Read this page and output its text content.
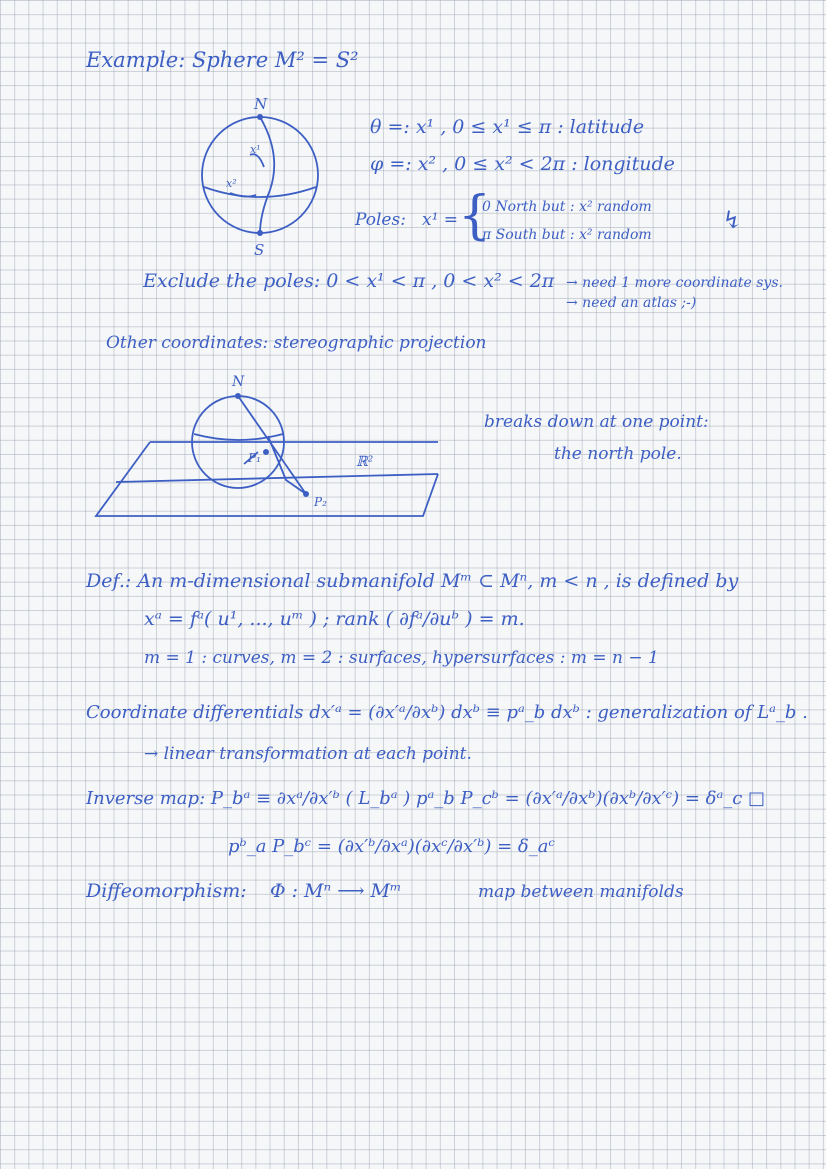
Example: Sphere M² = S²
N
S
x¹
x²
θ =: x¹ , 0 ≤ x¹ ≤ π : latitude
φ =: x² , 0 ≤ x² < 2π : longitude
Poles: x¹ = {
0 North but : x² random
π South but : x² random
↯
Exclude the poles: 0 < x¹ < π , 0 < x² < 2π → need 1 more coordinate sys.
→ need an atlas ;-)
Other coordinates: stereographic projection
N
P₁
P₂
ℝ²
breaks down at one point:
the north pole.
Def.: An m-dimensional submanifold Mᵐ ⊂ Mⁿ, m < n , is defined by
xᵃ = fᵃ( u¹, ..., uᵐ ) ; rank ( ∂fᵃ/∂uᵇ ) = m.
m = 1 : curves, m = 2 : surfaces, hypersurfaces : m = n − 1
Coordinate differentials dx′ᵃ = (∂x′ᵃ/∂xᵇ) dxᵇ ≡ pᵃ_b dxᵇ : generalization of Lᵃ_b .
→ linear transformation at each point.
Inverse map: P_bᵃ ≡ ∂xᵃ/∂x′ᵇ ( L_bᵃ ) pᵃ_b P_cᵇ = (∂x′ᵃ/∂xᵇ)(∂xᵇ/∂x′ᶜ) = δᵃ_c □
pᵇ_a P_bᶜ = (∂x′ᵇ/∂xᵃ)(∂xᶜ/∂x′ᵇ) = δ_aᶜ
Diffeomorphism: Φ : Mⁿ ⟶ Mᵐ	map between manifolds
